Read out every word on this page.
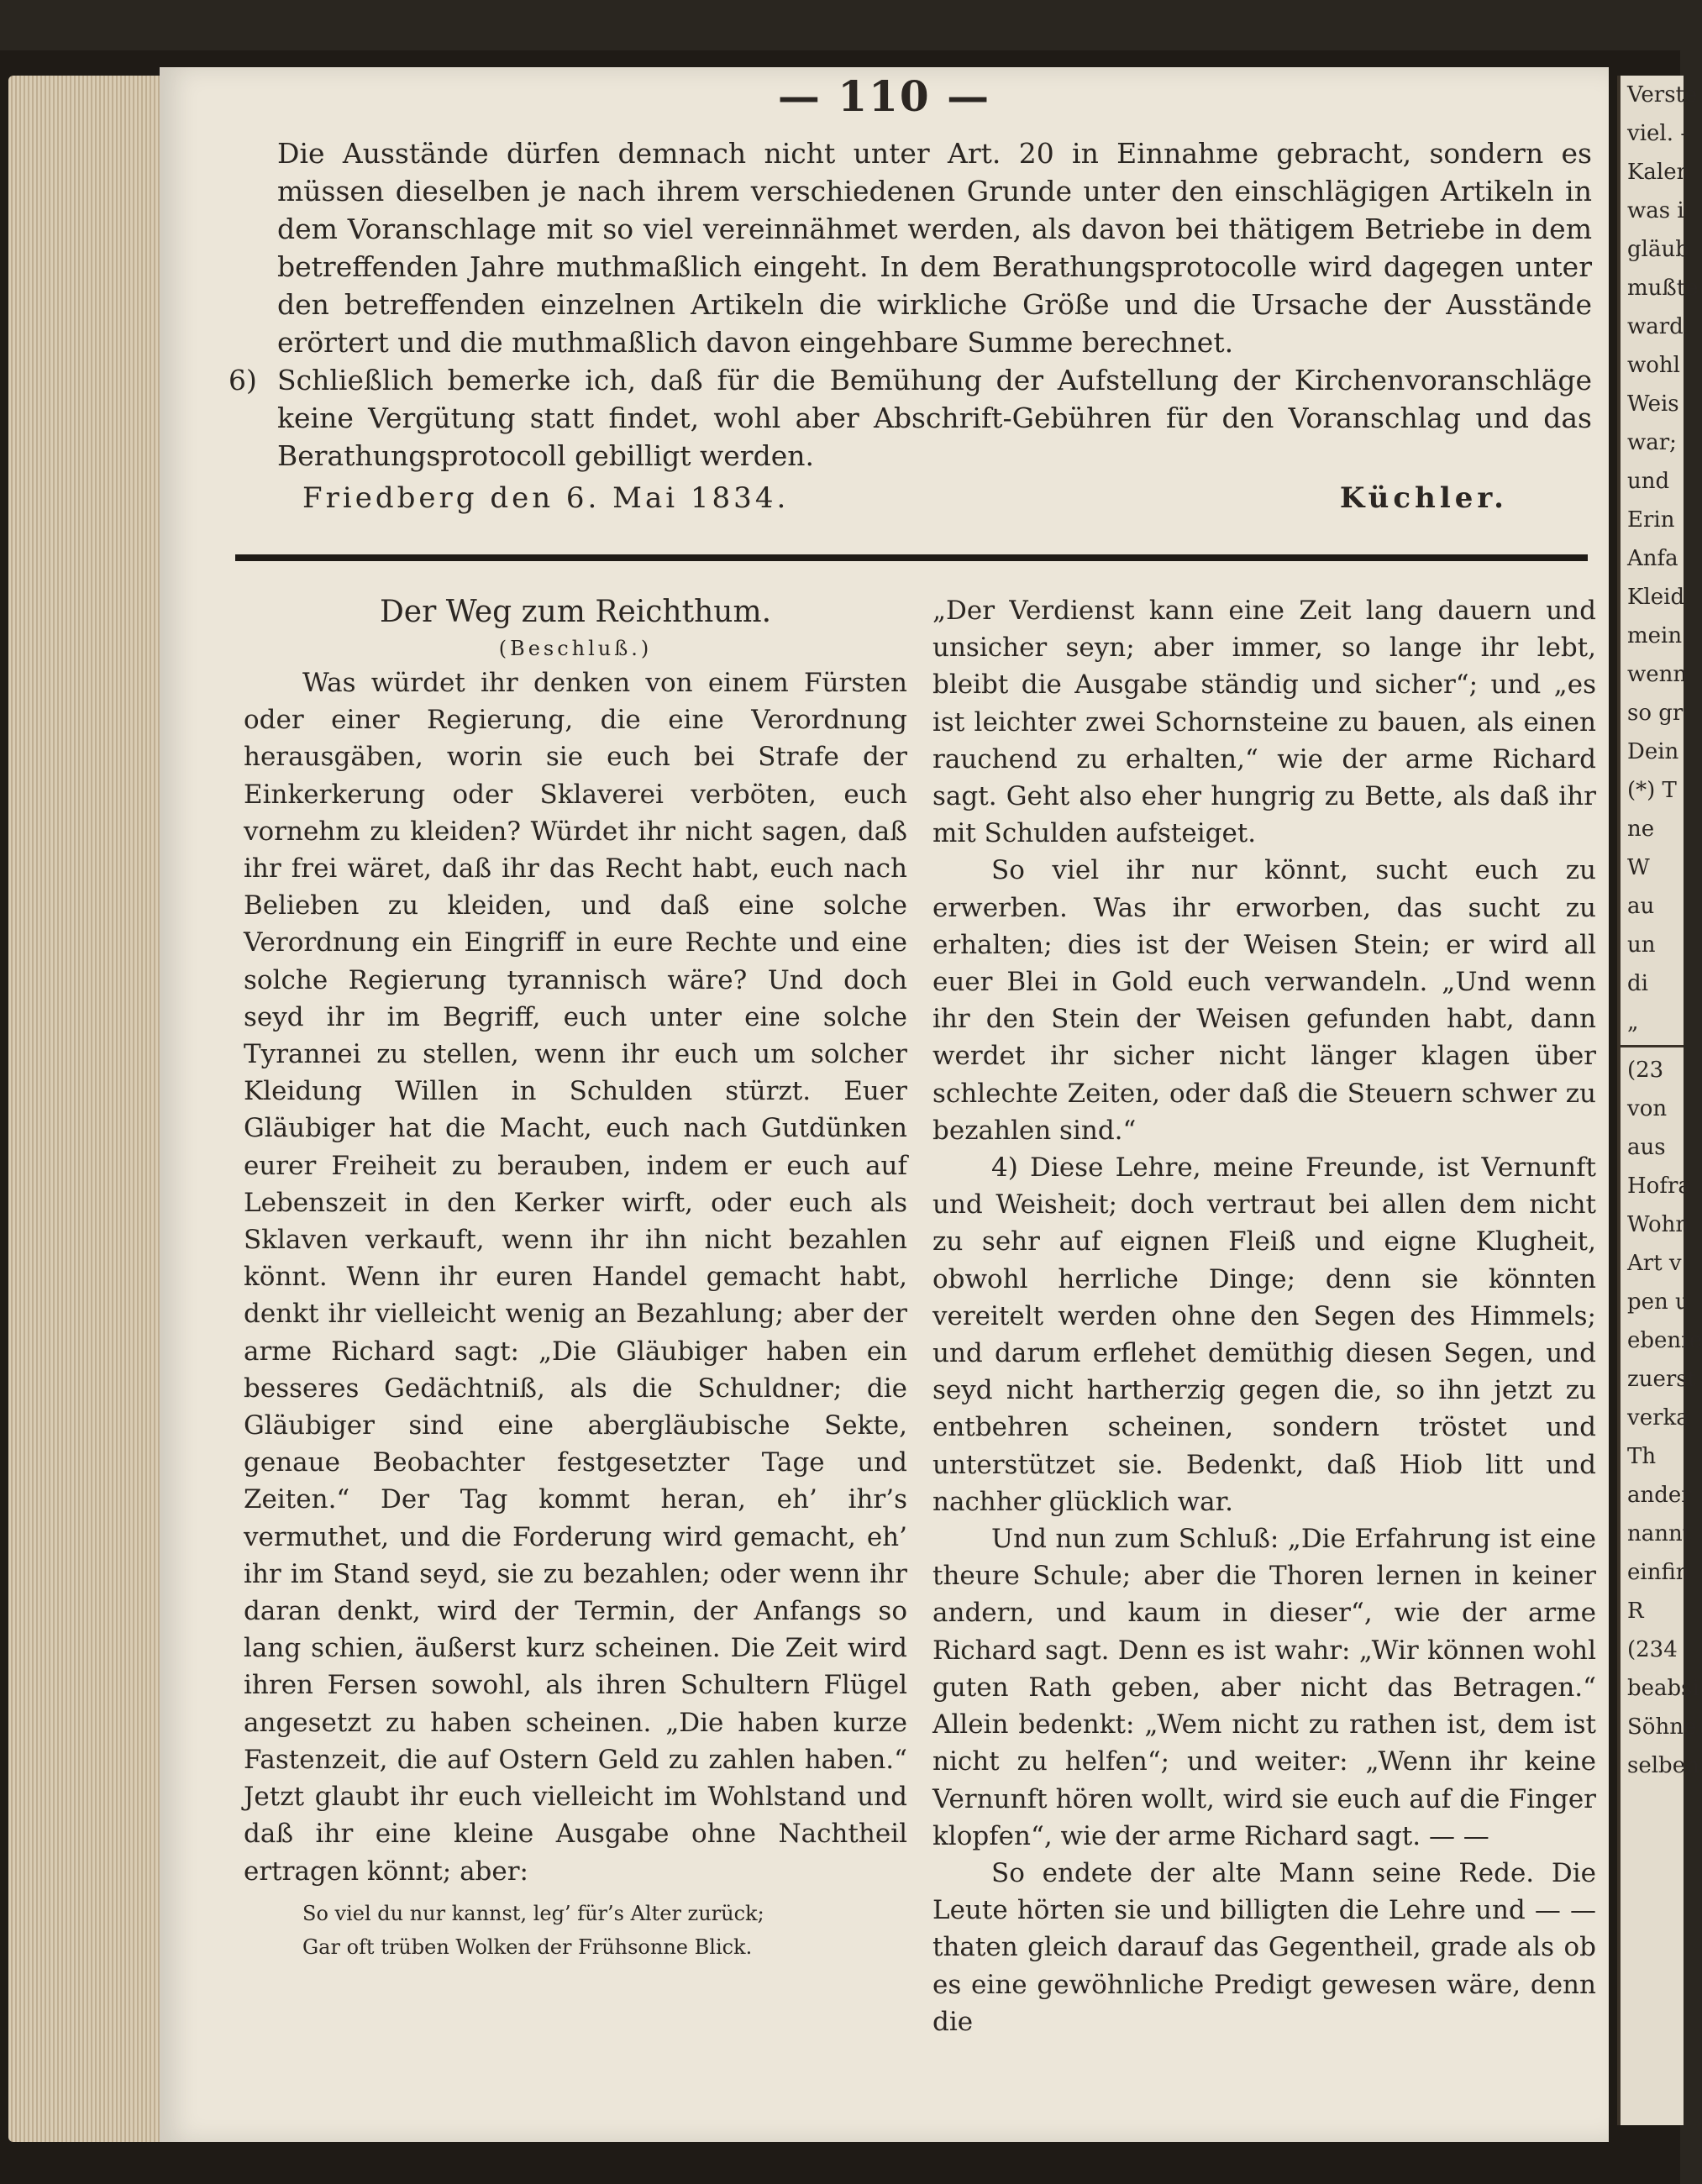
— 110 —

Die Ausstände dürfen demnach nicht unter Art. 20 in Einnahme gebracht, sondern es müssen dieselben je nach ihrem verschiedenen Grunde unter den einschlägigen Artikeln in dem Voranschlage mit so viel vereinnähmet werden, als davon bei thätigem Betriebe in dem betreffenden Jahre muthmaßlich eingeht. In dem Berathungsprotocolle wird dagegen unter den betreffenden einzelnen Artikeln die wirkliche Größe und die Ursache der Ausstände erörtert und die muthmaßlich davon eingehbare Summe berechnet.

6) Schließlich bemerke ich, daß für die Bemühung der Aufstellung der Kirchenvoranschläge keine Vergütung statt findet, wohl aber Abschrift-Gebühren für den Voranschlag und das Berathungsprotocoll gebilligt werden.
Friedberg den 6. Mai 1834.	Küchler.
Der Weg zum Reichthum.
(Beschluß.)

Was würdet ihr denken von einem Fürsten oder einer Regierung, die eine Verordnung herausgäben, worin sie euch bei Strafe der Einkerkerung oder Sklaverei verböten, euch vornehm zu kleiden? Würdet ihr nicht sagen, daß ihr frei wäret, daß ihr das Recht habt, euch nach Belieben zu kleiden, und daß eine solche Verordnung ein Eingriff in eure Rechte und eine solche Regierung tyrannisch wäre? Und doch seyd ihr im Begriff, euch unter eine solche Tyrannei zu stellen, wenn ihr euch um solcher Kleidung Willen in Schulden stürzt. Euer Gläubiger hat die Macht, euch nach Gutdünken eurer Freiheit zu berauben, indem er euch auf Lebenszeit in den Kerker wirft, oder euch als Sklaven verkauft, wenn ihr ihn nicht bezahlen könnt. Wenn ihr euren Handel gemacht habt, denkt ihr vielleicht wenig an Bezahlung; aber der arme Richard sagt: „Die Gläubiger haben ein besseres Gedächtniß, als die Schuldner; die Gläubiger sind eine abergläubische Sekte, genaue Beobachter festgesetzter Tage und Zeiten.“ Der Tag kommt heran, eh’ ihr’s vermuthet, und die Forderung wird gemacht, eh’ ihr im Stand seyd, sie zu bezahlen; oder wenn ihr daran denkt, wird der Termin, der Anfangs so lang schien, äußerst kurz scheinen. Die Zeit wird ihren Fersen sowohl, als ihren Schultern Flügel angesetzt zu haben scheinen. „Die haben kurze Fastenzeit, die auf Ostern Geld zu zahlen haben.“ Jetzt glaubt ihr euch vielleicht im Wohlstand und daß ihr eine kleine Ausgabe ohne Nachtheil ertragen könnt; aber:

So viel du nur kannst, leg’ für’s Alter zurück;
Gar oft trüben Wolken der Frühsonne Blick.

„Der Verdienst kann eine Zeit lang dauern und unsicher seyn; aber immer, so lange ihr lebt, bleibt die Ausgabe ständig und sicher“; und „es ist leichter zwei Schornsteine zu bauen, als einen rauchend zu erhalten,“ wie der arme Richard sagt. Geht also eher hungrig zu Bette, als daß ihr mit Schulden aufsteiget.

So viel ihr nur könnt, sucht euch zu erwerben. Was ihr erworben, das sucht zu erhalten; dies ist der Weisen Stein; er wird all euer Blei in Gold euch verwandeln. „Und wenn ihr den Stein der Weisen gefunden habt, dann werdet ihr sicher nicht länger klagen über schlechte Zeiten, oder daß die Steuern schwer zu bezahlen sind.“

4) Diese Lehre, meine Freunde, ist Vernunft und Weisheit; doch vertraut bei allen dem nicht zu sehr auf eignen Fleiß und eigne Klugheit, obwohl herrliche Dinge; denn sie könnten vereitelt werden ohne den Segen des Himmels; und darum erflehet demüthig diesen Segen, und seyd nicht hartherzig gegen die, so ihn jetzt zu entbehren scheinen, sondern tröstet und unterstützet sie. Bedenkt, daß Hiob litt und nachher glücklich war.

Und nun zum Schluß: „Die Erfahrung ist eine theure Schule; aber die Thoren lernen in keiner andern, und kaum in dieser“, wie der arme Richard sagt. Denn es ist wahr: „Wir können wohl guten Rath geben, aber nicht das Betragen.“ Allein bedenkt: „Wem nicht zu rathen ist, dem ist nicht zu helfen“; und weiter: „Wenn ihr keine Vernunft hören wollt, wird sie euch auf die Finger klopfen“, wie der arme Richard sagt. — —

So endete der alte Mann seine Rede. Die Leute hörten sie und billigten die Lehre und — — thaten gleich darauf das Gegentheil, grade als ob es eine gewöhnliche Predigt gewesen wäre, denn die

Verste
viel. –
Kalen
was i
gläub
mußte
ward
wohl
Weis
war;
und
Erin
Anfa
Kleid
mein
wenn
so gr
Dein
(*) T
ne
W
au
un
di
„
(23
von
aus
Hofra
Wohn
Art v
pen u
ebenfe
zuerst
verka
Th
ander
nannt
einfin
R
(234
beabsi
Söhne
selben
